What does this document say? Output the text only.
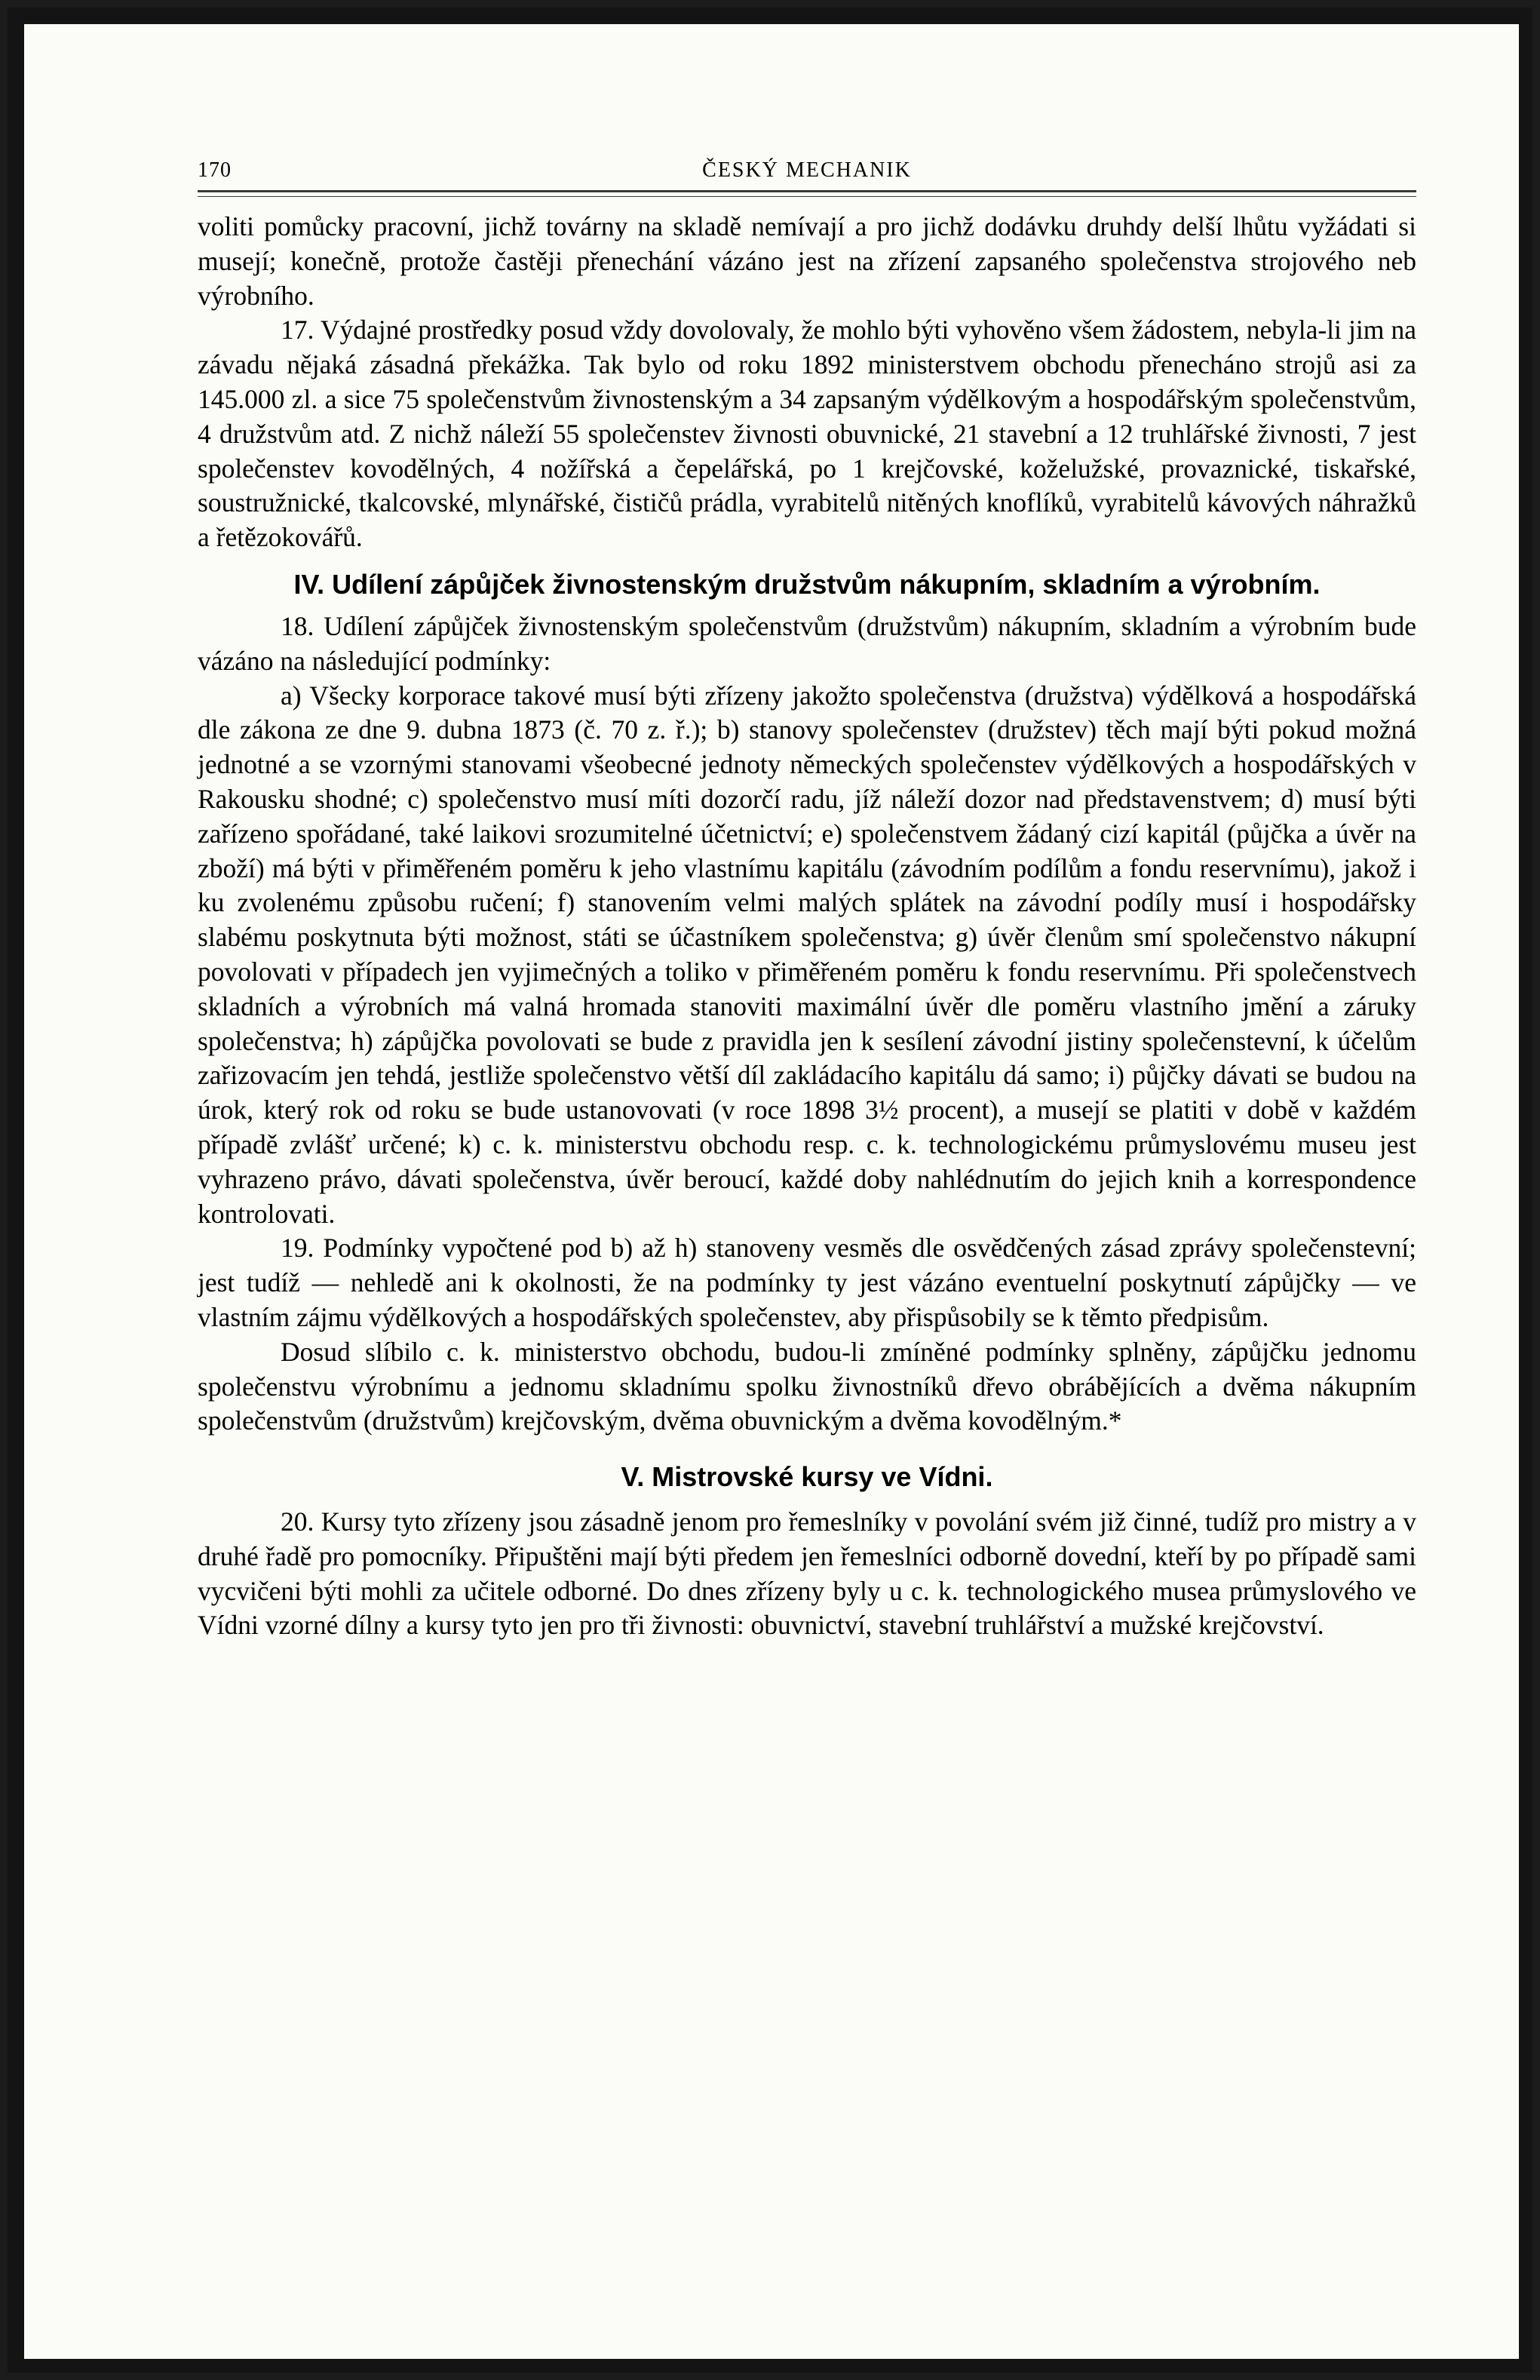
170	ČESKÝ MECHANIK

voliti pomůcky pracovní, jichž továrny na skladě nemívají a pro jichž dodávku druhdy delší lhůtu vyžádati si musejí; konečně, protože častěji přenechání vázáno jest na zřízení zapsaného společenstva strojového neb výrobního.

17. Výdajné prostředky posud vždy dovolovaly, že mohlo býti vyhověno všem žádostem, nebyla-li jim na závadu nějaká zásadná překážka. Tak bylo od roku 1892 ministerstvem obchodu přenecháno strojů asi za 145.000 zl. a sice 75 společenstvům živnostenským a 34 zapsaným výdělkovým a hospodářským společenstvům, 4 družstvům atd. Z nichž náleží 55 společenstev živnosti obuvnické, 21 stavební a 12 truhlářské živnosti, 7 jest společenstev kovodělných, 4 nožířská a čepelářská, po 1 krejčovské, koželužské, provaznické, tiskařské, soustružnické, tkalcovské, mlynářské, čističů prádla, vyrabitelů nitěných knoflíků, vyrabitelů kávových náhražků a řetězokovářů.

IV. Udílení zápůjček živnostenským družstvům nákupním, skladním a výrobním.

18. Udílení zápůjček živnostenským společenstvům (družstvům) nákupním, skladním a výrobním bude vázáno na následující podmínky:

a) Všecky korporace takové musí býti zřízeny jakožto společenstva (družstva) výdělková a hospodářská dle zákona ze dne 9. dubna 1873 (č. 70 z. ř.); b) stanovy společenstev (družstev) těch mají býti pokud možná jednotné a se vzornými stanovami všeobecné jednoty německých společenstev výdělkových a hospodářských v Rakousku shodné; c) společenstvo musí míti dozorčí radu, jíž náleží dozor nad představenstvem; d) musí býti zařízeno spořádané, také laikovi srozumitelné účetnictví; e) společenstvem žádaný cizí kapitál (půjčka a úvěr na zboží) má býti v přiměřeném poměru k jeho vlastnímu kapitálu (závodním podílům a fondu reservnímu), jakož i ku zvolenému způsobu ručení; f) stanovením velmi malých splátek na závodní podíly musí i hospodářsky slabému poskytnuta býti možnost, státi se účastníkem společenstva; g) úvěr členům smí společenstvo nákupní povolovati v případech jen vyjimečných a toliko v přiměřeném poměru k fondu reservnímu. Při společenstvech skladních a výrobních má valná hromada stanoviti maximální úvěr dle poměru vlastního jmění a záruky společenstva; h) zápůjčka povolovati se bude z pravidla jen k sesílení závodní jistiny společenstevní, k účelům zařizovacím jen tehdá, jestliže společenstvo větší díl zakládacího kapitálu dá samo; i) půjčky dávati se budou na úrok, který rok od roku se bude ustanovovati (v roce 1898 3½ procent), a musejí se platiti v době v každém případě zvlášť určené; k) c. k. ministerstvu obchodu resp. c. k. technologickému průmyslovému museu jest vyhrazeno právo, dávati společenstva, úvěr beroucí, každé doby nahlédnutím do jejich knih a korrespondence kontrolovati.

19. Podmínky vypočtené pod b) až h) stanoveny vesměs dle osvědčených zásad zprávy společenstevní; jest tudíž — nehledě ani k okolnosti, že na podmínky ty jest vázáno eventuelní poskytnutí zápůjčky — ve vlastním zájmu výdělkových a hospodářských společenstev, aby přispůsobily se k těmto předpisům.

Dosud slíbilo c. k. ministerstvo obchodu, budou-li zmíněné podmínky splněny, zápůjčku jednomu společenstvu výrobnímu a jednomu skladnímu spolku živnostníků dřevo obrábějících a dvěma nákupním společenstvům (družstvům) krejčovským, dvěma obuvnickým a dvěma kovodělným.*

V. Mistrovské kursy ve Vídni.

20. Kursy tyto zřízeny jsou zásadně jenom pro řemeslníky v povolání svém již činné, tudíž pro mistry a v druhé řadě pro pomocníky. Připuštěni mají býti předem jen řemeslníci odborně dovední, kteří by po případě sami vycvičeni býti mohli za učitele odborné. Do dnes zřízeny byly u c. k. technologického musea průmyslového ve Vídni vzorné dílny a kursy tyto jen pro tři živnosti: obuvnictví, stavební truhlářství a mužské krejčovství.
